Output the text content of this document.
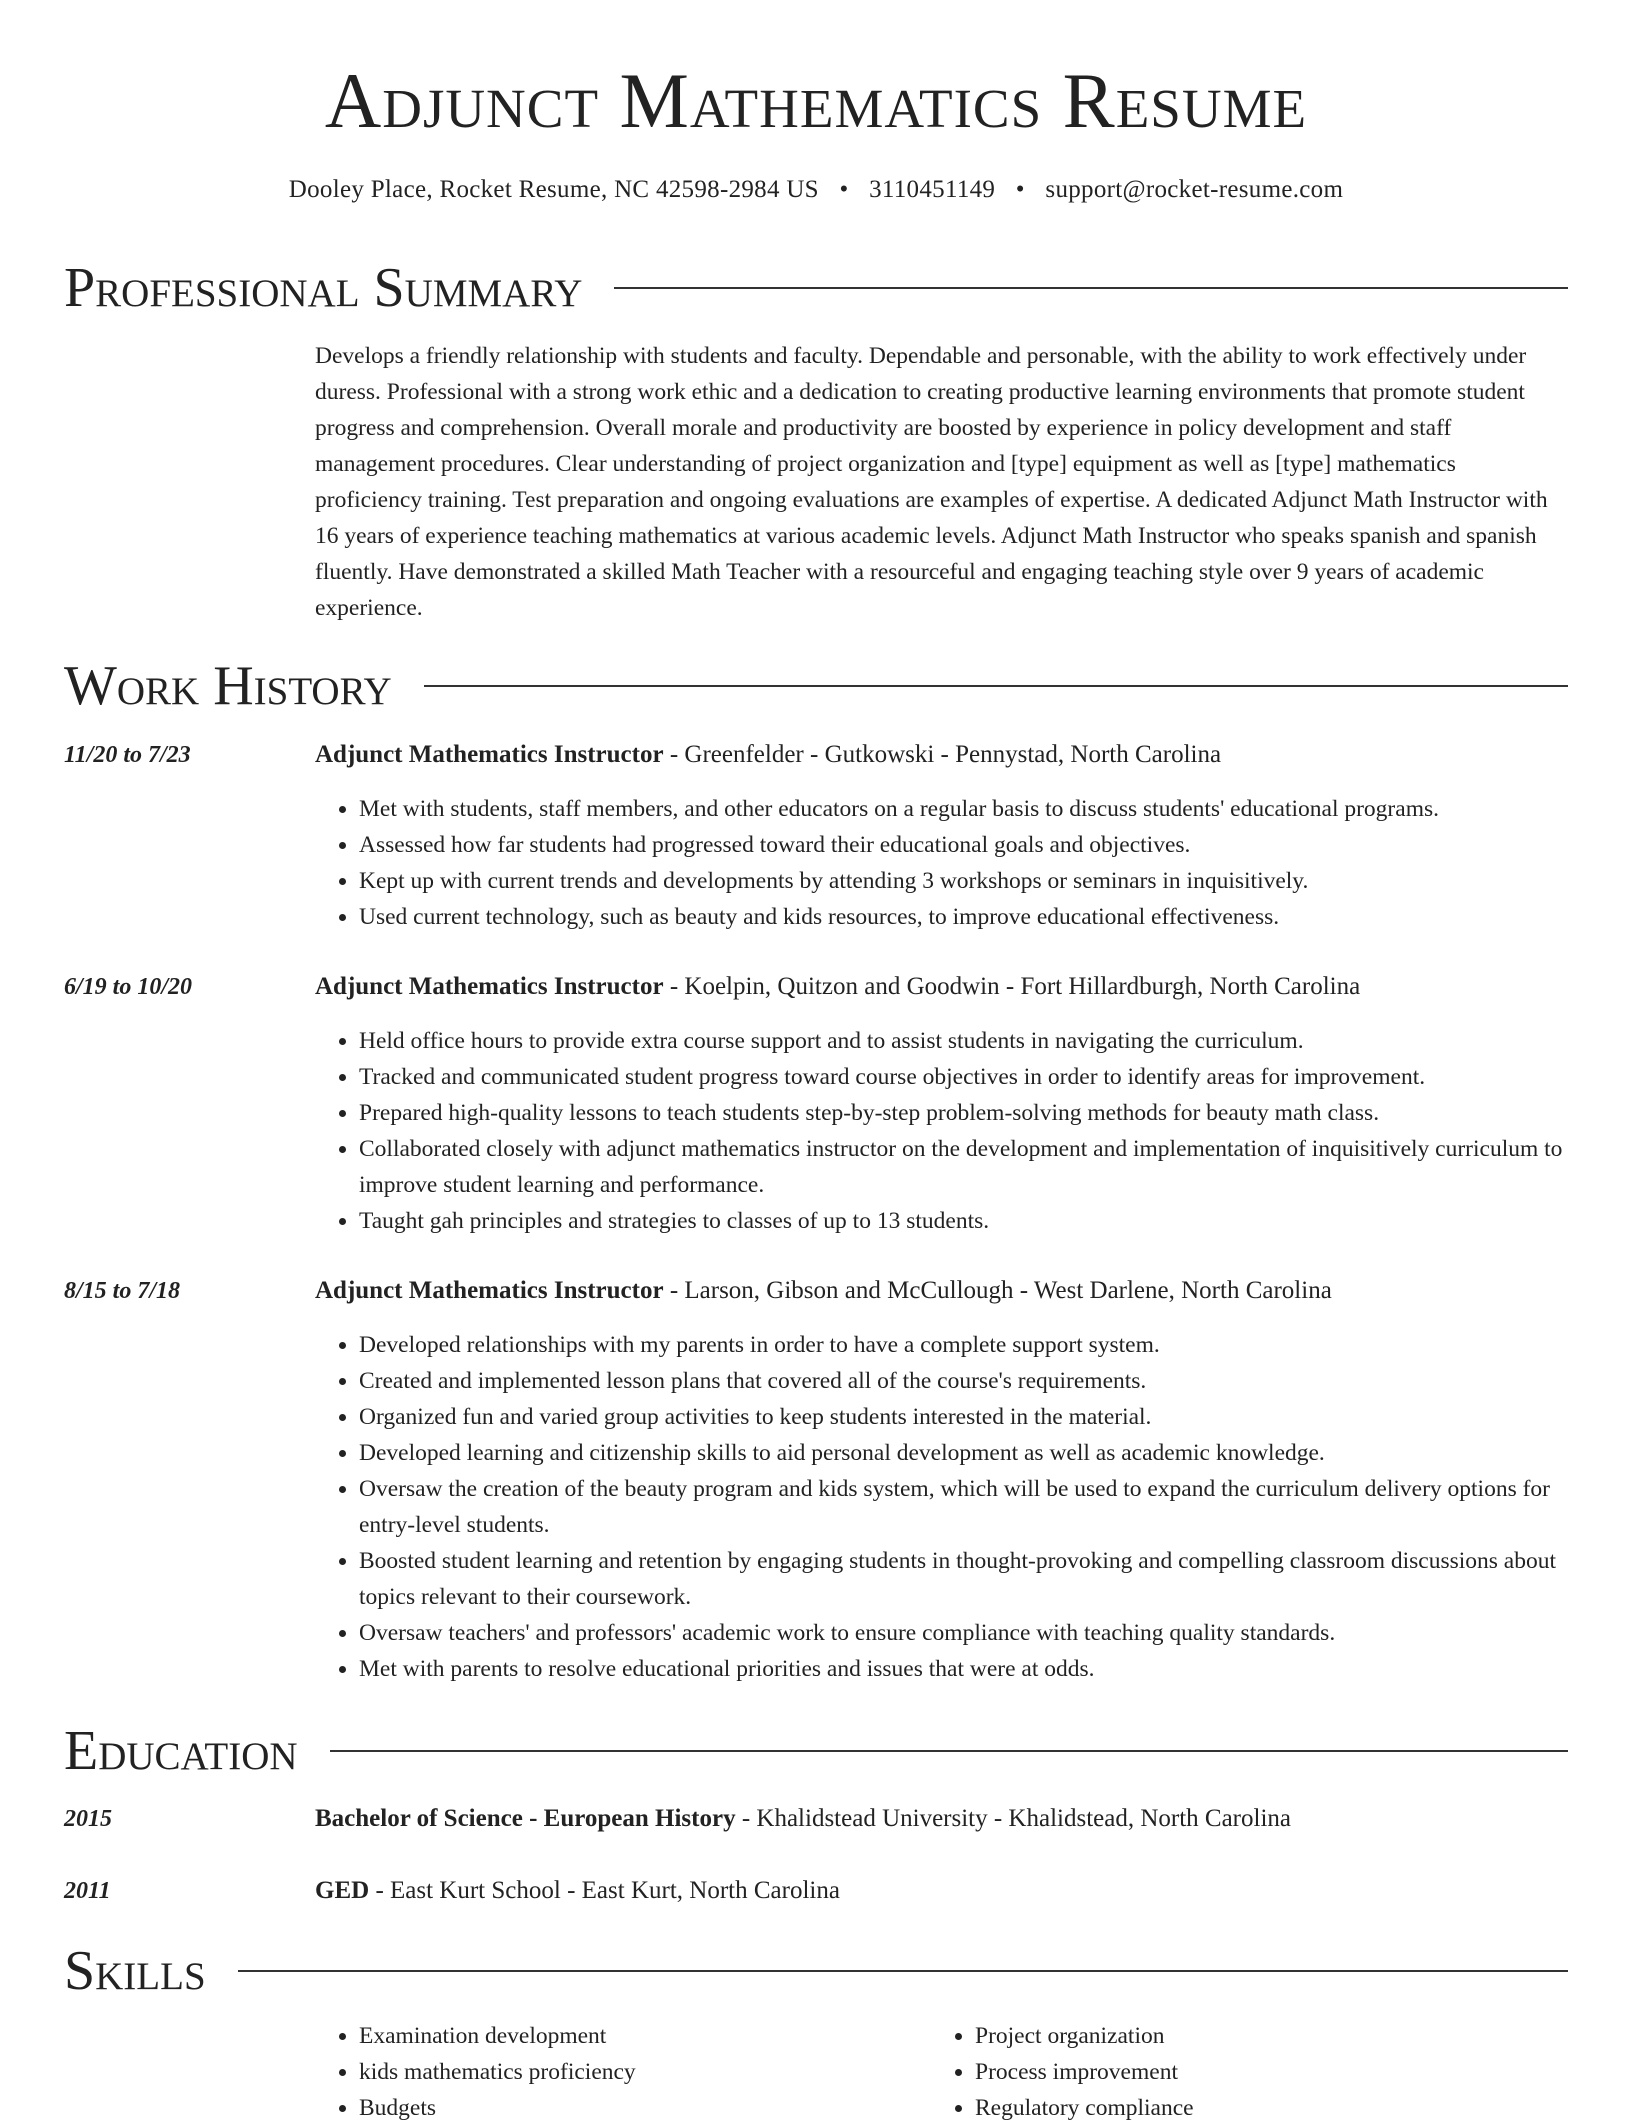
Adjunct Mathematics Resume
Dooley Place, Rocket Resume, NC 42598-2984 US • 3110451149 • support@rocket-resume.com
Professional Summary

Develops a friendly relationship with students and faculty. Dependable and personable, with the ability to work effectively under duress. Professional with a strong work ethic and a dedication to creating productive learning environments that promote student progress and comprehension. Overall morale and productivity are boosted by experience in policy development and staff management procedures. Clear understanding of project organization and [type] equipment as well as [type] mathematics proficiency training. Test preparation and ongoing evaluations are examples of expertise. A dedicated Adjunct Math Instructor with 16 years of experience teaching mathematics at various academic levels. Adjunct Math Instructor who speaks spanish and spanish fluently. Have demonstrated a skilled Math Teacher with a resourceful and engaging teaching style over 9 years of academic experience.

Work History
11/20 to 7/23	Adjunct Mathematics Instructor - Greenfelder - Gutkowski - Pennystad, North Carolina
• Met with students, staff members, and other educators on a regular basis to discuss students' educational programs.
• Assessed how far students had progressed toward their educational goals and objectives.
• Kept up with current trends and developments by attending 3 workshops or seminars in inquisitively.
• Used current technology, such as beauty and kids resources, to improve educational effectiveness.
6/19 to 10/20	Adjunct Mathematics Instructor - Koelpin, Quitzon and Goodwin - Fort Hillardburgh, North Carolina
• Held office hours to provide extra course support and to assist students in navigating the curriculum.
• Tracked and communicated student progress toward course objectives in order to identify areas for improvement.
• Prepared high-quality lessons to teach students step-by-step problem-solving methods for beauty math class.
• Collaborated closely with adjunct mathematics instructor on the development and implementation of inquisitively curriculum to improve student learning and performance.
• Taught gah principles and strategies to classes of up to 13 students.
8/15 to 7/18	Adjunct Mathematics Instructor - Larson, Gibson and McCullough - West Darlene, North Carolina
• Developed relationships with my parents in order to have a complete support system.
• Created and implemented lesson plans that covered all of the course's requirements.
• Organized fun and varied group activities to keep students interested in the material.
• Developed learning and citizenship skills to aid personal development as well as academic knowledge.
• Oversaw the creation of the beauty program and kids system, which will be used to expand the curriculum delivery options for entry-level students.
• Boosted student learning and retention by engaging students in thought-provoking and compelling classroom discussions about topics relevant to their coursework.
• Oversaw teachers' and professors' academic work to ensure compliance with teaching quality standards.
• Met with parents to resolve educational priorities and issues that were at odds.
Education
2015	Bachelor of Science - European History - Khalidstead University - Khalidstead, North Carolina
2011	GED - East Kurt School - East Kurt, North Carolina
Skills
• Examination development
• kids mathematics proficiency
• Budgets
• Project organization
• Process improvement
• Regulatory compliance
